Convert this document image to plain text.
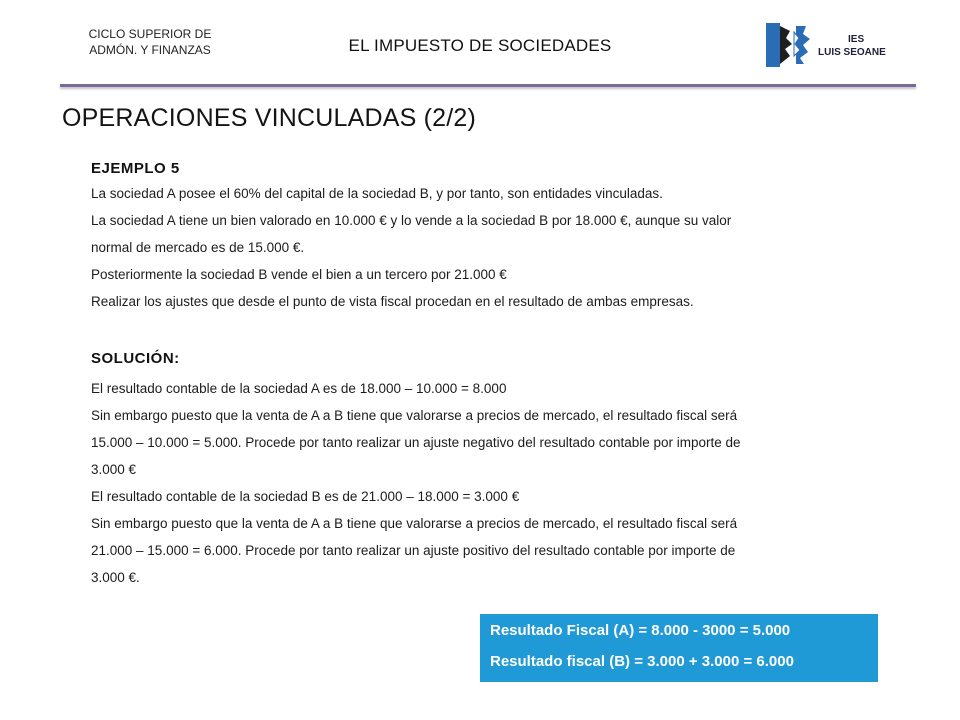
CICLO SUPERIOR DE
ADMÓN. Y FINANZAS	EL IMPUESTO DE SOCIEDADES	IES
LUIS SEOANE
OPERACIONES VINCULADAS (2/2)
EJEMPLO 5

La sociedad A posee el 60% del capital de la sociedad B, y por tanto, son entidades vinculadas.

La sociedad A tiene un bien valorado en 10.000 € y lo vende a la sociedad B por 18.000 €, aunque su valor

normal de mercado es de 15.000 €.

Posteriormente la sociedad B vende el bien a un tercero por 21.000 €

Realizar los ajustes que desde el punto de vista fiscal procedan en el resultado de ambas empresas.

SOLUCIÓN:

El resultado contable de la sociedad A es de 18.000 – 10.000 = 8.000

Sin embargo puesto que la venta de A a B tiene que valorarse a precios de mercado, el resultado fiscal será

15.000 – 10.000 = 5.000. Procede por tanto realizar un ajuste negativo del resultado contable por importe de

3.000 €

El resultado contable de la sociedad B es de 21.000 – 18.000 = 3.000 €

Sin embargo puesto que la venta de A a B tiene que valorarse a precios de mercado, el resultado fiscal será

21.000 – 15.000 = 6.000. Procede por tanto realizar un ajuste positivo del resultado contable por importe de

3.000 €.

Resultado Fiscal (A) = 8.000 - 3000 = 5.000
Resultado fiscal (B) = 3.000 + 3.000 = 6.000
